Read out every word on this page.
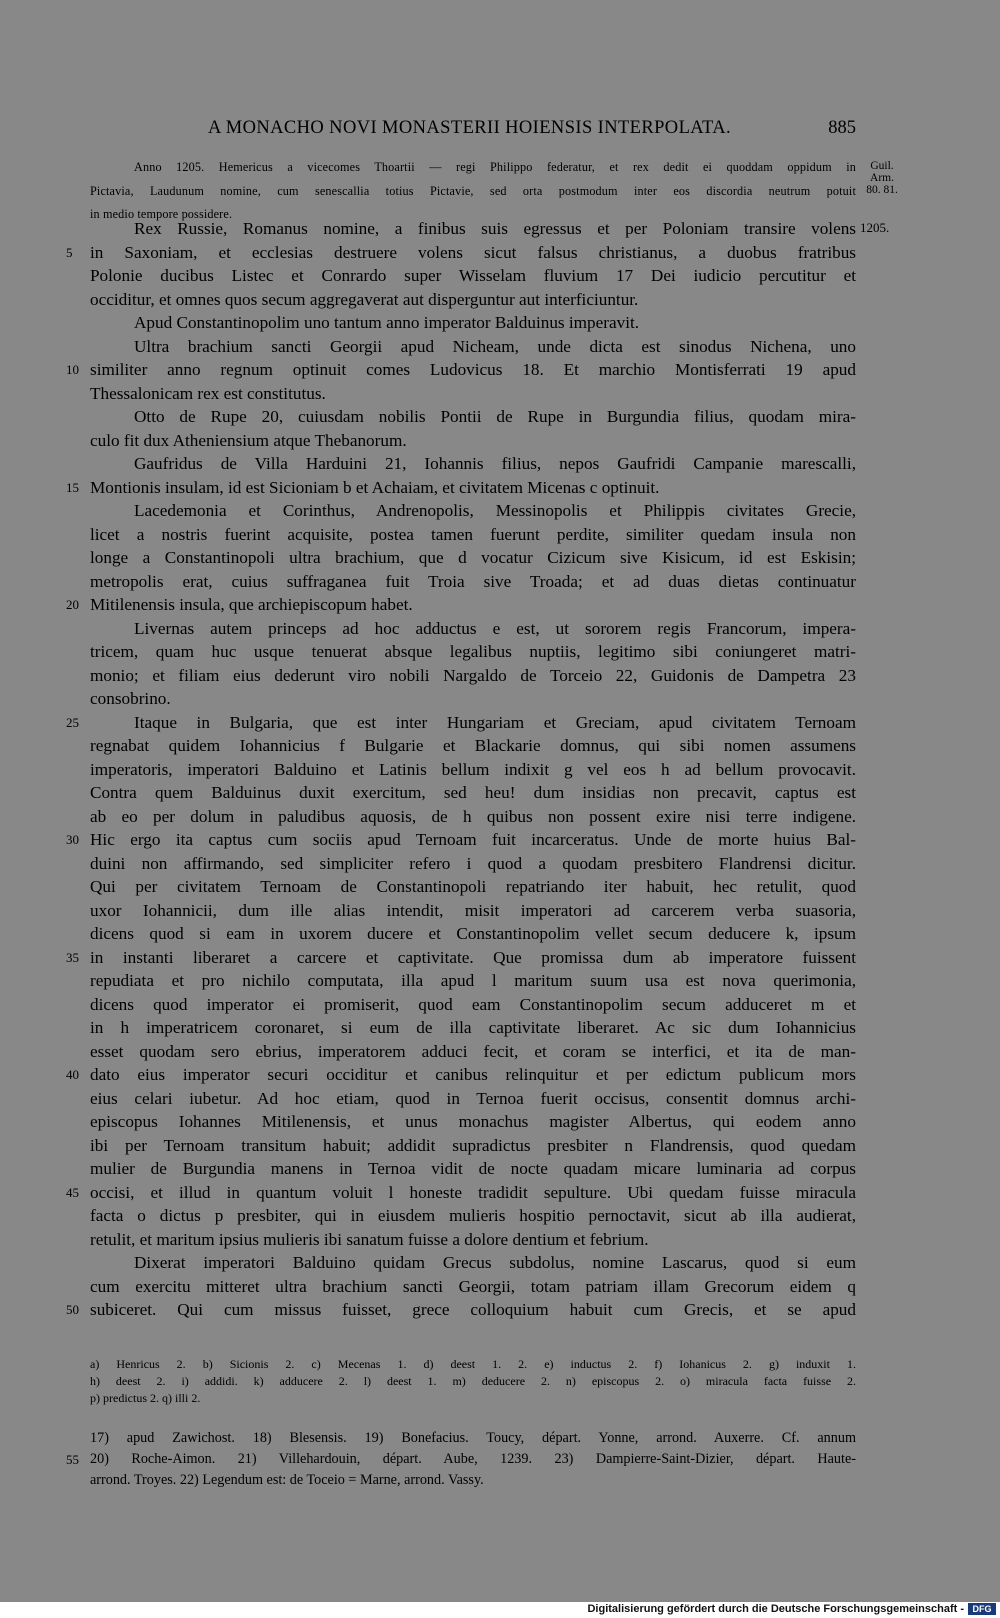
A MONACHO NOVI MONASTERII HOIENSIS INTERPOLATA.	885
Anno 1205. Hemericus a vicecomes Thoartii — regi Philippo federatur, et rex dedit ei quoddam oppidum in
Pictavia, Laudunum nomine, cum senescallia totius Pictavie, sed orta postmodum inter eos discordia neutrum potuit
in medio tempore possidere.
Guil. Arm.
80. 81.
1205.
5
10
15
20
25
30
35
40
45
50
Rex Russie, Romanus nomine, a finibus suis egressus et per Poloniam transire volens
in Saxoniam, et ecclesias destruere volens sicut falsus christianus, a duobus fratribus
Polonie ducibus Listec et Conrardo super Wisselam fluvium 17 Dei iudicio percutitur et
occiditur, et omnes quos secum aggregaverat aut disperguntur aut interficiuntur.
Apud Constantinopolim uno tantum anno imperator Balduinus imperavit.
Ultra brachium sancti Georgii apud Nicheam, unde dicta est sinodus Nichena, uno
similiter anno regnum optinuit comes Ludovicus 18. Et marchio Montisferrati 19 apud
Thessalonicam rex est constitutus.
Otto de Rupe 20, cuiusdam nobilis Pontii de Rupe in Burgundia filius, quodam mira-
culo fit dux Atheniensium atque Thebanorum.
Gaufridus de Villa Harduini 21, Iohannis filius, nepos Gaufridi Campanie marescalli,
Montionis insulam, id est Sicioniam b et Achaiam, et civitatem Micenas c optinuit.
Lacedemonia et Corinthus, Andrenopolis, Messinopolis et Philippis civitates Grecie,
licet a nostris fuerint acquisite, postea tamen fuerunt perdite, similiter quedam insula non
longe a Constantinopoli ultra brachium, que d vocatur Cizicum sive Kisicum, id est Eskisin;
metropolis erat, cuius suffraganea fuit Troia sive Troada; et ad duas dietas continuatur
Mitilenensis insula, que archiepiscopum habet.
Livernas autem princeps ad hoc adductus e est, ut sororem regis Francorum, impera-
tricem, quam huc usque tenuerat absque legalibus nuptiis, legitimo sibi coniungeret matri-
monio; et filiam eius dederunt viro nobili Nargaldo de Torceio 22, Guidonis de Dampetra 23
consobrino.
Itaque in Bulgaria, que est inter Hungariam et Greciam, apud civitatem Ternoam
regnabat quidem Iohannicius f Bulgarie et Blackarie domnus, qui sibi nomen assumens
imperatoris, imperatori Balduino et Latinis bellum indixit g vel eos h ad bellum provocavit.
Contra quem Balduinus duxit exercitum, sed heu! dum insidias non precavit, captus est
ab eo per dolum in paludibus aquosis, de h quibus non possent exire nisi terre indigene.
Hic ergo ita captus cum sociis apud Ternoam fuit incarceratus. Unde de morte huius Bal-
duini non affirmando, sed simpliciter refero i quod a quodam presbitero Flandrensi dicitur.
Qui per civitatem Ternoam de Constantinopoli repatriando iter habuit, hec retulit, quod
uxor Iohannicii, dum ille alias intendit, misit imperatori ad carcerem verba suasoria,
dicens quod si eam in uxorem ducere et Constantinopolim vellet secum deducere k, ipsum
in instanti liberaret a carcere et captivitate. Que promissa dum ab imperatore fuissent
repudiata et pro nichilo computata, illa apud l maritum suum usa est nova querimonia,
dicens quod imperator ei promiserit, quod eam Constantinopolim secum adduceret m et
in h imperatricem coronaret, si eum de illa captivitate liberaret. Ac sic dum Iohannicius
esset quodam sero ebrius, imperatorem adduci fecit, et coram se interfici, et ita de man-
dato eius imperator securi occiditur et canibus relinquitur et per edictum publicum mors
eius celari iubetur. Ad hoc etiam, quod in Ternoa fuerit occisus, consentit domnus archi-
episcopus Iohannes Mitilenensis, et unus monachus magister Albertus, qui eodem anno
ibi per Ternoam transitum habuit; addidit supradictus presbiter n Flandrensis, quod quedam
mulier de Burgundia manens in Ternoa vidit de nocte quadam micare luminaria ad corpus
occisi, et illud in quantum voluit l honeste tradidit sepulture. Ubi quedam fuisse miracula
facta o dictus p presbiter, qui in eiusdem mulieris hospitio pernoctavit, sicut ab illa audierat,
retulit, et maritum ipsius mulieris ibi sanatum fuisse a dolore dentium et febrium.
Dixerat imperatori Balduino quidam Grecus subdolus, nomine Lascarus, quod si eum
cum exercitu mitteret ultra brachium sancti Georgii, totam patriam illam Grecorum eidem q
subiceret. Qui cum missus fuisset, grece colloquium habuit cum Grecis, et se apud
a) Henricus 2. b) Sicionis 2. c) Mecenas 1. d) deest 1. 2. e) inductus 2. f) Iohanicus 2. g) induxit 1.
h) deest 2. i) addidi. k) adducere 2. l) deest 1. m) deducere 2. n) episcopus 2. o) miracula facta fuisse 2.
p) predictus 2. q) illi 2.
55
17) apud Zawichost. 18) Blesensis. 19) Bonefacius. Toucy, départ. Yonne, arrond. Auxerre. Cf. annum
20) Roche-Aimon. 21) Villehardouin, départ. Aube, 1239. 23) Dampierre-Saint-Dizier, départ. Haute-
arrond. Troyes. 22) Legendum est: de Toceio = Marne, arrond. Vassy.
Digitalisierung gefördert durch die Deutsche Forschungsgemeinschaft - DFG
